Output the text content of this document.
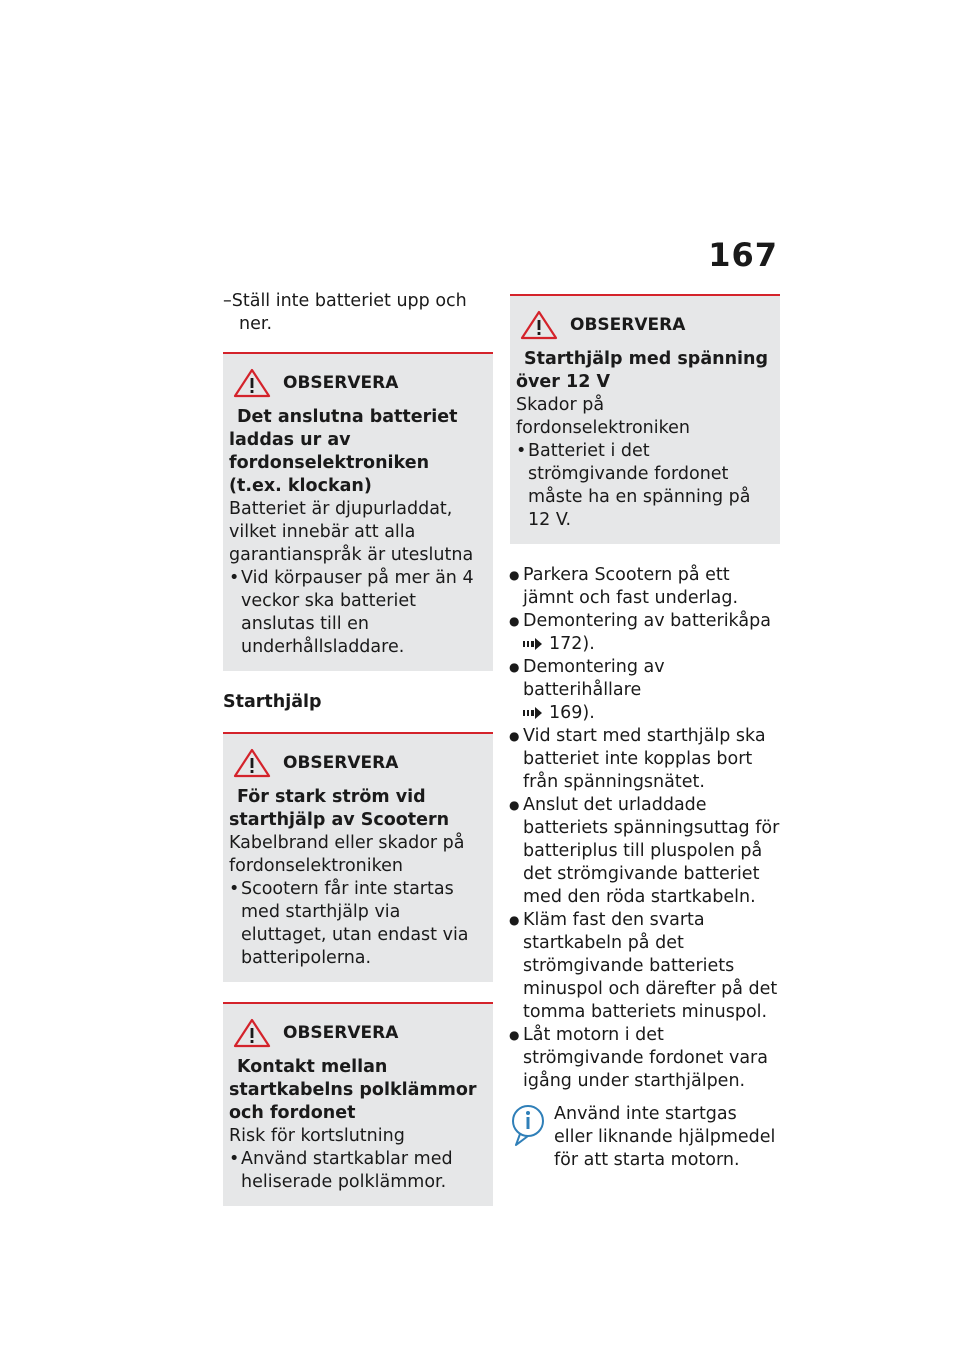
167

–Ställ inte batteriet upp och ner.

OBSERVERA

Det anslutna batteriet laddas ur av fordonselektroniken (t.ex. klockan)

Batteriet är djupurladdat, vilket innebär att alla garantianspråk är uteslutna

• Vid körpauser på mer än 4 veckor ska batteriet anslutas till en underhållsladdare.

Starthjälp
OBSERVERA

För stark ström vid starthjälp av Scootern

Kabelbrand eller skador på fordonselektroniken

• Scootern får inte startas med starthjälp via eluttaget, utan endast via batteripolerna.

OBSERVERA

Kontakt mellan startkabelns polklämmor och fordonet

Risk för kortslutning

• Använd startkablar med heliserade polklämmor.

OBSERVERA

Starthjälp med spänning över 12 V

Skador på fordonselektroniken

• Batteriet i det strömgivande fordonet måste ha en spänning på 12 V.

● Parkera Scootern på ett jämnt och fast underlag.
● Demontering av batterikåpa
172).
● Demontering av batterihållare
169).
● Vid start med starthjälp ska batteriet inte kopplas bort från spänningsnätet.
● Anslut det urladdade batteriets spänningsuttag för batteriplus till pluspolen på det strömgivande batteriet med den röda startkabeln.
● Kläm fast den svarta startkabeln på det strömgivande batteriets minuspol och därefter på det tomma batteriets minuspol.
● Låt motorn i det strömgivande fordonet vara igång under starthjälpen.
Använd inte startgas eller liknande hjälpmedel för att starta motorn.
